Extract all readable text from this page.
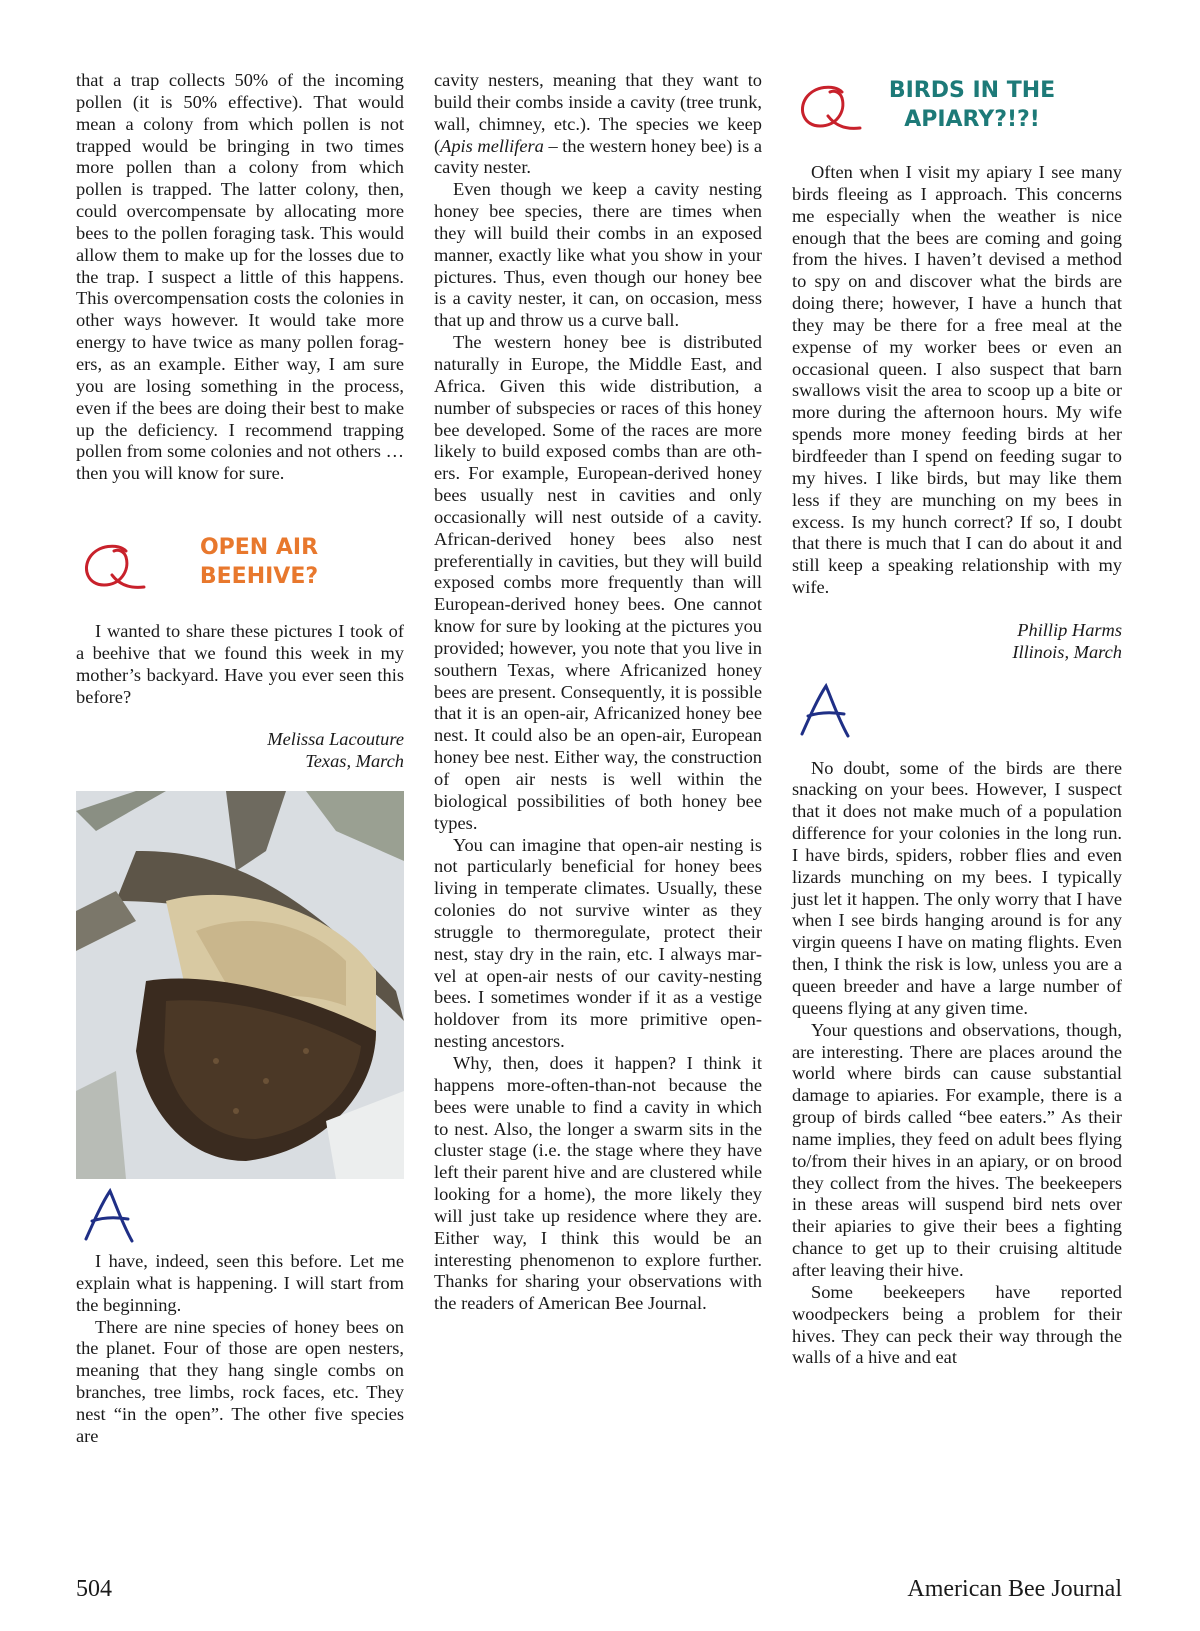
that a trap collects 50% of the incoming pollen (it is 50% effective). That would mean a colony from which pollen is not trapped would be bringing in two times more pollen than a colony from which pollen is trapped. The latter colony, then, could overcompensate by allocating more bees to the pollen foraging task. This would allow them to make up for the losses due to the trap. I suspect a little of this happens. This overcompensation costs the colonies in other ways however. It would take more energy to have twice as many pollen foragers, as an example. Either way, I am sure you are losing something in the process, even if the bees are doing their best to make up the deficiency. I recommend trapping pollen from some colonies and not others … then you will know for sure.

OPEN AIR
BEEHIVE?

I wanted to share these pictures I took of a beehive that we found this week in my mother’s backyard. Have you ever seen this before?

Melissa Lacouture

Texas, March

I have, indeed, seen this before. Let me explain what is happening. I will start from the beginning.

There are nine species of honey bees on the planet. Four of those are open nesters, meaning that they hang single combs on branches, tree limbs, rock faces, etc. They nest “in the open”. The other five species are

cavity nesters, meaning that they want to build their combs inside a cavity (tree trunk, wall, chimney, etc.). The species we keep (Apis mellifera – the western honey bee) is a cavity nester.

Even though we keep a cavity nesting honey bee species, there are times when they will build their combs in an exposed manner, exactly like what you show in your pictures. Thus, even though our honey bee is a cavity nester, it can, on occasion, mess that up and throw us a curve ball.

The western honey bee is distributed naturally in Europe, the Middle East, and Africa. Given this wide distribution, a number of subspecies or races of this honey bee developed. Some of the races are more likely to build exposed combs than are others. For example, European-derived honey bees usually nest in cavities and only occasionally will nest outside of a cavity. African-derived honey bees also nest preferentially in cavities, but they will build exposed combs more frequently than will European-derived honey bees. One cannot know for sure by looking at the pictures you provided; however, you note that you live in southern Texas, where Africanized honey bees are present. Consequently, it is possible that it is an open-air, Africanized honey bee nest. It could also be an open-air, European honey bee nest. Either way, the construction of open air nests is well within the biological possibilities of both honey bee types.

You can imagine that open-air nesting is not particularly beneficial for honey bees living in temperate climates. Usually, these colonies do not survive winter as they struggle to thermoregulate, protect their nest, stay dry in the rain, etc. I always marvel at open-air nests of our cavity-nesting bees. I sometimes wonder if it as a vestige holdover from its more primitive open-nesting ancestors.

Why, then, does it happen? I think it happens more-often-than-not because the bees were unable to find a cavity in which to nest. Also, the longer a swarm sits in the cluster stage (i.e. the stage where they have left their parent hive and are clustered while looking for a home), the more likely they will just take up residence where they are. Either way, I think this would be an interesting phenomenon to explore further. Thanks for sharing your observations with the readers of American Bee Journal.

BIRDS IN THE
APIARY?!?!

Often when I visit my apiary I see many birds fleeing as I approach. This concerns me especially when the weather is nice enough that the bees are coming and going from the hives. I haven’t devised a method to spy on and discover what the birds are doing there; however, I have a hunch that they may be there for a free meal at the expense of my worker bees or even an occasional queen. I also suspect that barn swallows visit the area to scoop up a bite or more during the afternoon hours. My wife spends more money feeding birds at her birdfeeder than I spend on feeding sugar to my hives. I like birds, but may like them less if they are munching on my bees in excess. Is my hunch correct? If so, I doubt that there is much that I can do about it and still keep a speaking relationship with my wife.

Phillip Harms

Illinois, March

No doubt, some of the birds are there snacking on your bees. However, I suspect that it does not make much of a population difference for your colonies in the long run. I have birds, spiders, robber flies and even lizards munching on my bees. I typically just let it happen. The only worry that I have when I see birds hanging around is for any virgin queens I have on mating flights. Even then, I think the risk is low, unless you are a queen breeder and have a large number of queens flying at any given time.

Your questions and observations, though, are interesting. There are places around the world where birds can cause substantial damage to apiaries. For example, there is a group of birds called “bee eaters.” As their name implies, they feed on adult bees flying to/from their hives in an apiary, or on brood they collect from the hives. The beekeepers in these areas will suspend bird nets over their apiaries to give their bees a fighting chance to get up to their cruising altitude after leaving their hive.

Some beekeepers have reported woodpeckers being a problem for their hives. They can peck their way through the walls of a hive and eat

504	American Bee Journal
